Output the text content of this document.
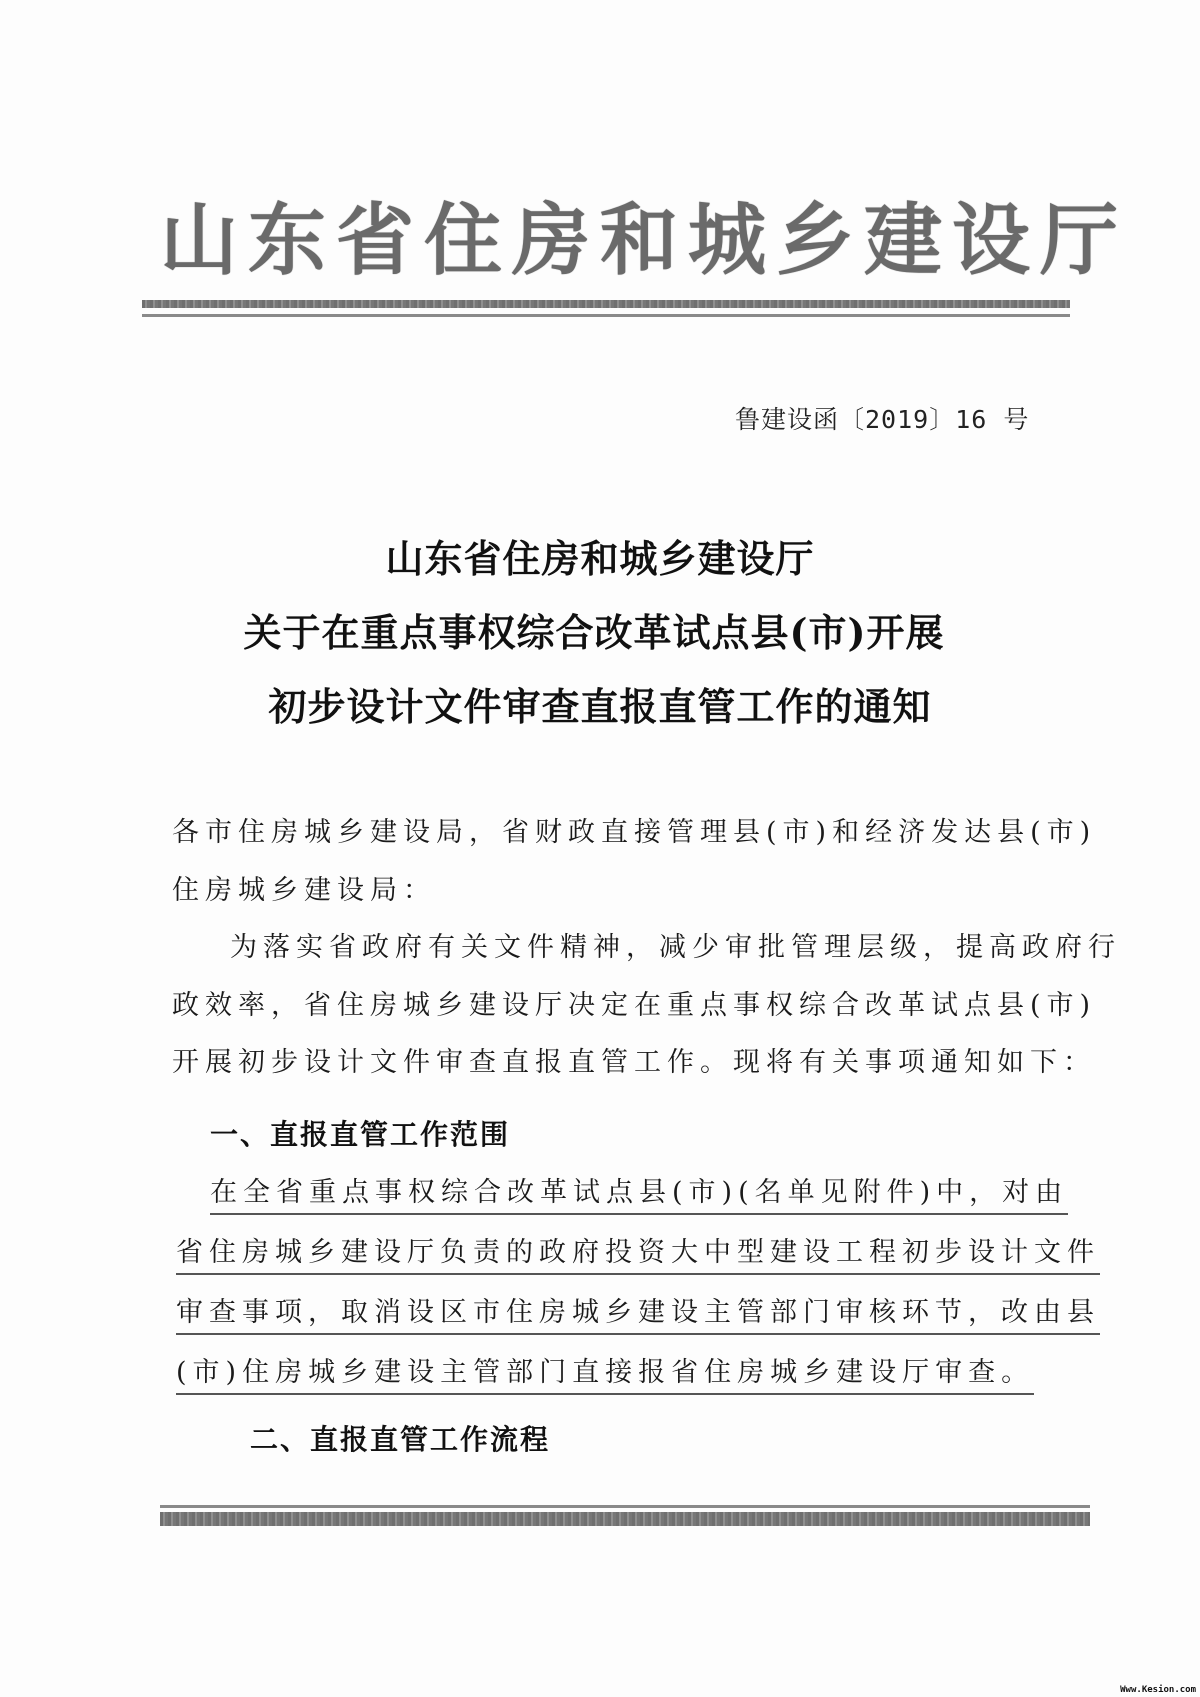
山东省住房和城乡建设厅
鲁建设函〔2019〕16 号
山东省住房和城乡建设厅
关于在重点事权综合改革试点县(市)开展
初步设计文件审查直报直管工作的通知
各市住房城乡建设局，省财政直接管理县(市)和经济发达县(市)
住房城乡建设局：
为落实省政府有关文件精神，减少审批管理层级，提高政府行
政效率，省住房城乡建设厅决定在重点事权综合改革试点县(市)
开展初步设计文件审查直报直管工作。现将有关事项通知如下：
一、直报直管工作范围
在全省重点事权综合改革试点县(市)(名单见附件)中，对由
省住房城乡建设厅负责的政府投资大中型建设工程初步设计文件
审查事项，取消设区市住房城乡建设主管部门审核环节，改由县
(市)住房城乡建设主管部门直接报省住房城乡建设厅审查。
二、直报直管工作流程
Www.Kesion.com
